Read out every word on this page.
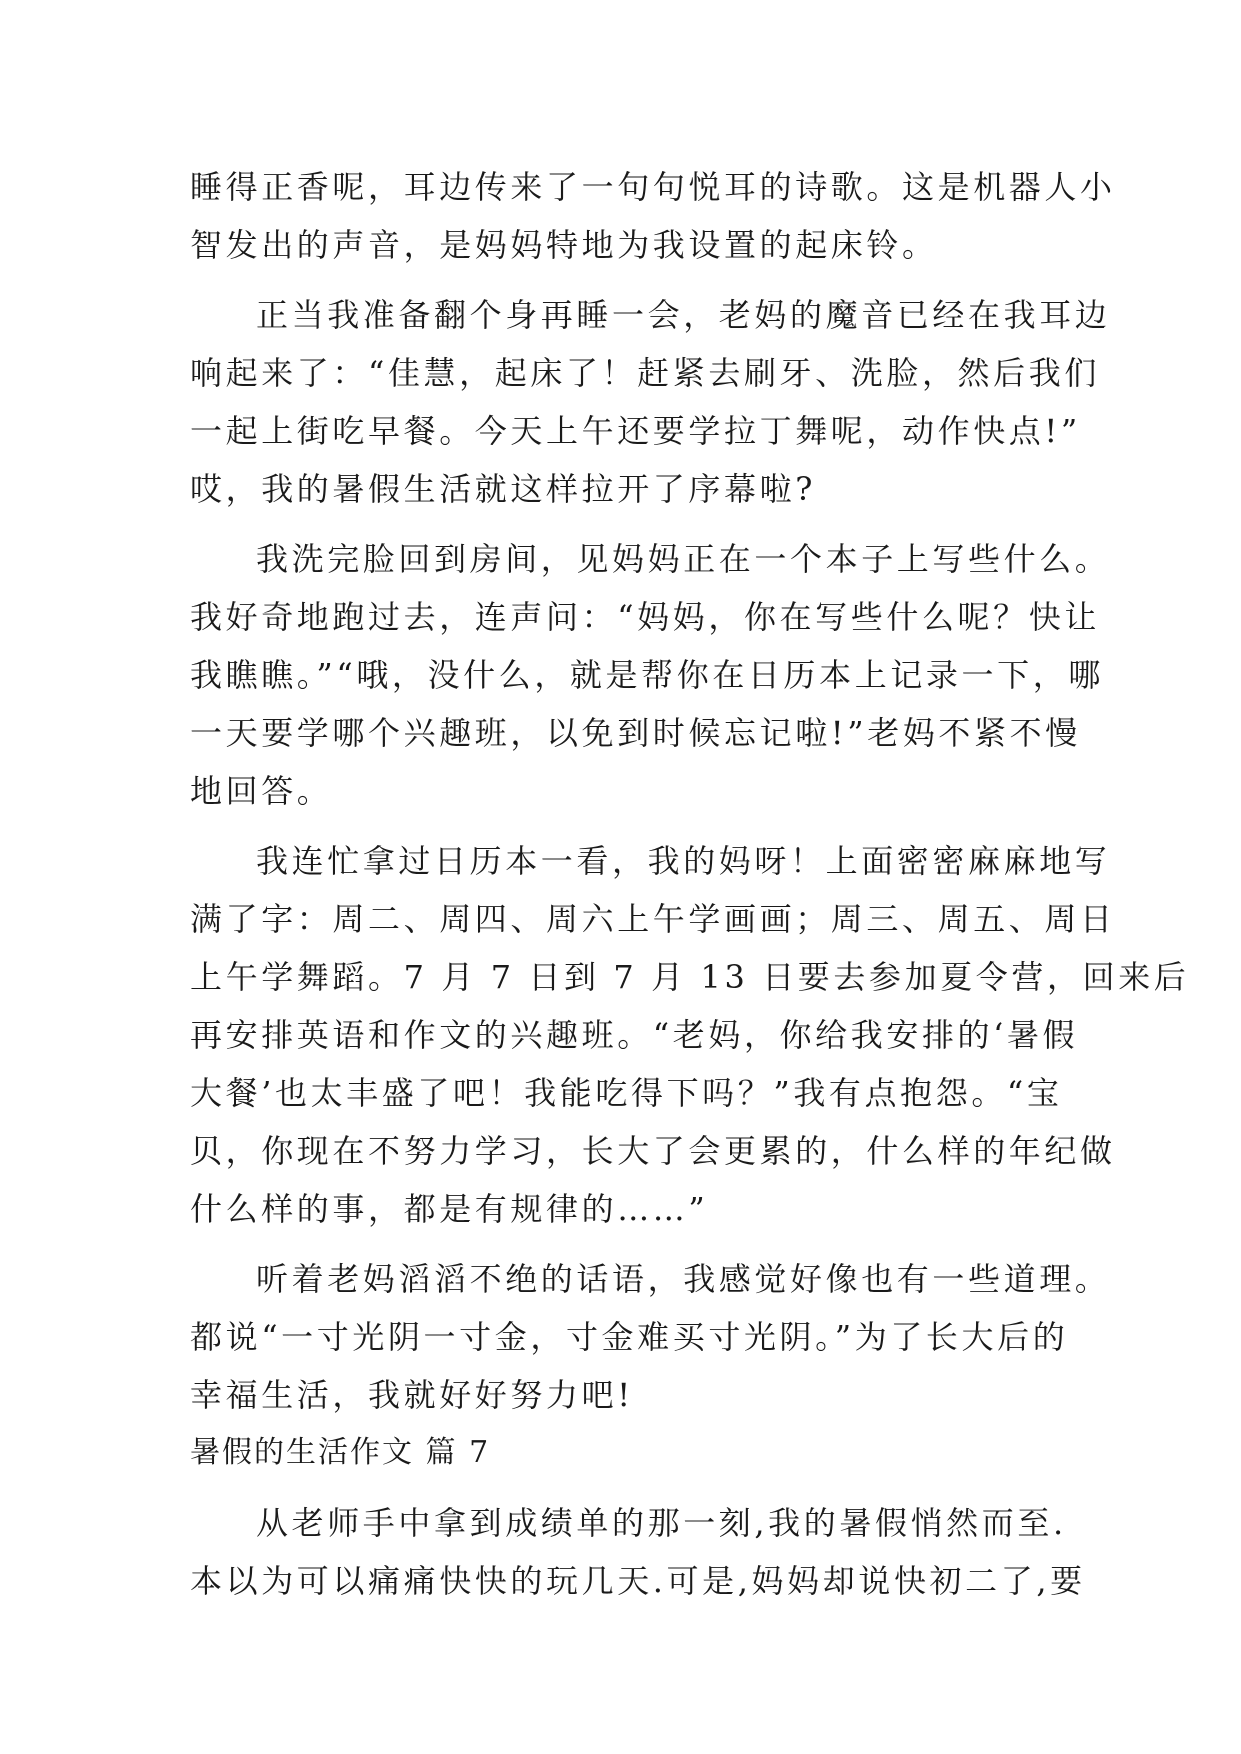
睡得正香呢，耳边传来了一句句悦耳的诗歌。这是机器人小
智发出的声音，是妈妈特地为我设置的起床铃。
正当我准备翻个身再睡一会，老妈的魔音已经在我耳边
响起来了：“佳慧，起床了！赶紧去刷牙、洗脸，然后我们
一起上街吃早餐。今天上午还要学拉丁舞呢，动作快点!”
哎，我的暑假生活就这样拉开了序幕啦?
我洗完脸回到房间，见妈妈正在一个本子上写些什么。
我好奇地跑过去，连声问：“妈妈，你在写些什么呢？快让
我瞧瞧。”“哦，没什么，就是帮你在日历本上记录一下，哪
一天要学哪个兴趣班，以免到时候忘记啦!”老妈不紧不慢
地回答。
我连忙拿过日历本一看，我的妈呀！上面密密麻麻地写
满了字：周二、周四、周六上午学画画；周三、周五、周日
上午学舞蹈。7 月 7 日到 7 月 13 日要去参加夏令营，回来后
再安排英语和作文的兴趣班。“老妈，你给我安排的‘暑假
大餐’也太丰盛了吧！我能吃得下吗？”我有点抱怨。“宝
贝，你现在不努力学习，长大了会更累的，什么样的年纪做
什么样的事，都是有规律的……”
听着老妈滔滔不绝的话语，我感觉好像也有一些道理。
都说“一寸光阴一寸金，寸金难买寸光阴。”为了长大后的
幸福生活，我就好好努力吧!
暑假的生活作文 篇 7
从老师手中拿到成绩单的那一刻,我的暑假悄然而至.
本以为可以痛痛快快的玩几天.可是,妈妈却说快初二了,要
